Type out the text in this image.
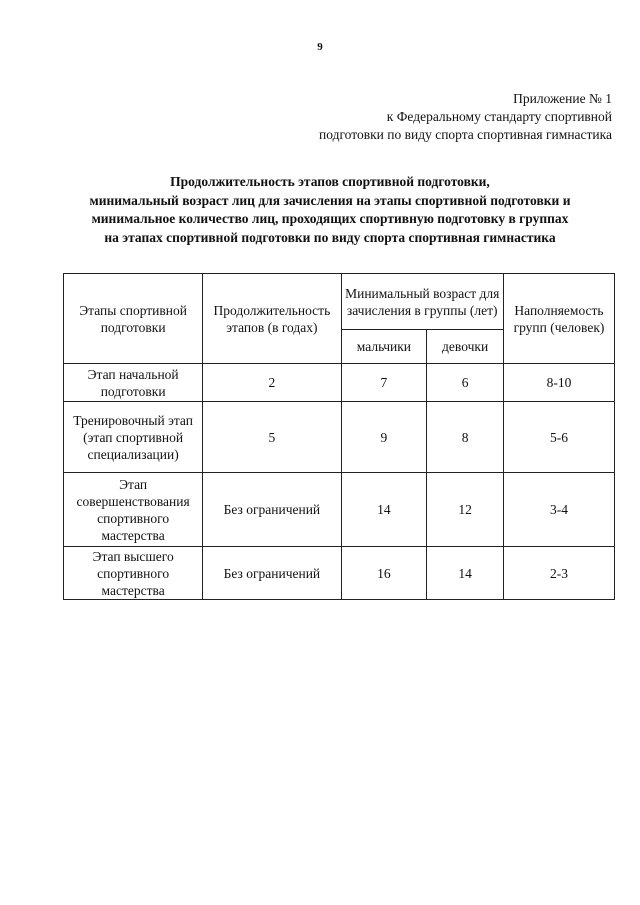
9
Приложение № 1
к Федеральному стандарту спортивной
подготовки по виду спорта спортивная гимнастика
Продолжительность этапов спортивной подготовки,
минимальный возраст лиц для зачисления на этапы спортивной подготовки и
минимальное количество лиц, проходящих спортивную подготовку в группах
на этапах спортивной подготовки по виду спорта спортивная гимнастика
Этапы спортивной подготовки	Продолжительность этапов (в годах)	Минимальный возраст для зачисления в группы (лет)		Наполняемость групп (человек)
		мальчики	девочки	
Этап начальной подготовки	2	7	6	8-10
Тренировочный этап (этап спортивной специализации)	5	9	8	5-6
Этап совершенствования спортивного мастерства	Без ограничений	14	12	3-4
Этап высшего спортивного мастерства	Без ограничений	16	14	2-3
